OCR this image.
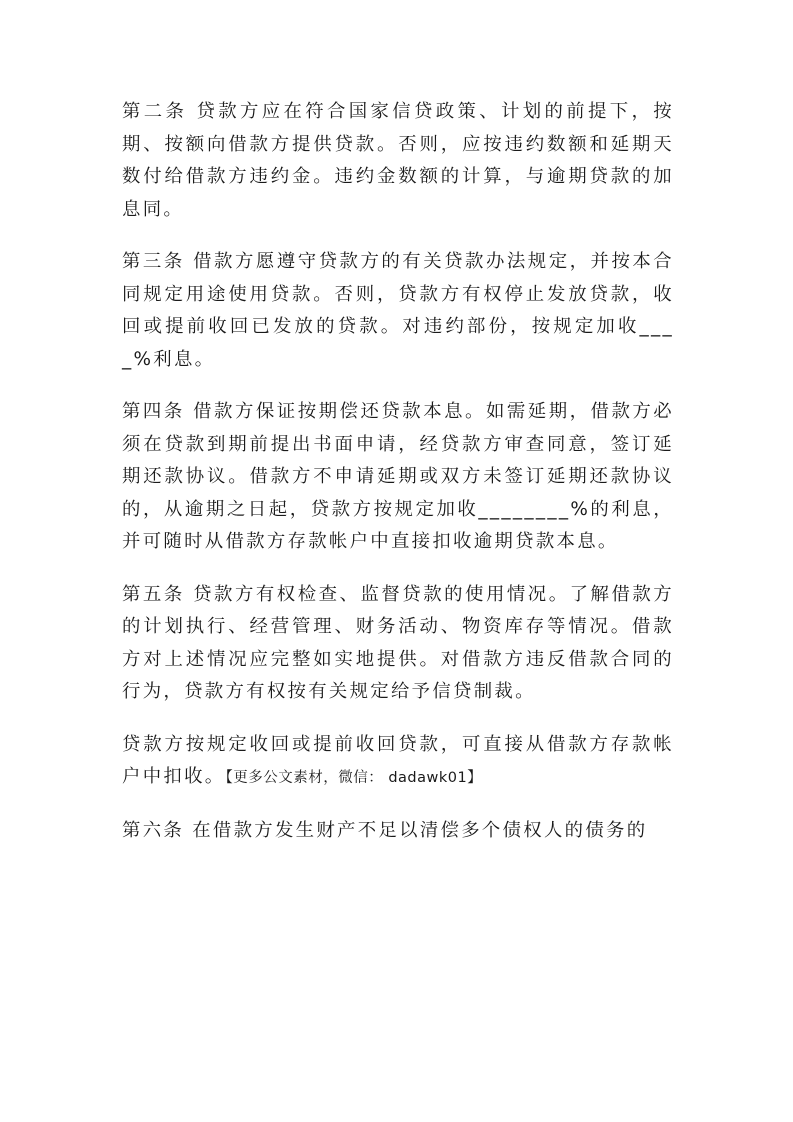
第二条 贷款方应在符合国家信贷政策、计划的前提下，按期、按额向借款方提供贷款。否则，应按违约数额和延期天数付给借款方违约金。违约金数额的计算，与逾期贷款的加息同。

第三条 借款方愿遵守贷款方的有关贷款办法规定，并按本合同规定用途使用贷款。否则，贷款方有权停止发放贷款，收回或提前收回已发放的贷款。对违约部份，按规定加收____%利息。

第四条 借款方保证按期偿还贷款本息。如需延期，借款方必须在贷款到期前提出书面申请，经贷款方审查同意，签订延期还款协议。借款方不申请延期或双方未签订延期还款协议的，从逾期之日起，贷款方按规定加收________%的利息，并可随时从借款方存款帐户中直接扣收逾期贷款本息。

第五条 贷款方有权检查、监督贷款的使用情况。了解借款方的计划执行、经营管理、财务活动、物资库存等情况。借款方对上述情况应完整如实地提供。对借款方违反借款合同的行为，贷款方有权按有关规定给予信贷制裁。

贷款方按规定收回或提前收回贷款，可直接从借款方存款帐户中扣收。【更多公文素材，微信： dadawk01】

第六条 在借款方发生财产不足以清偿多个债权人的债务的
